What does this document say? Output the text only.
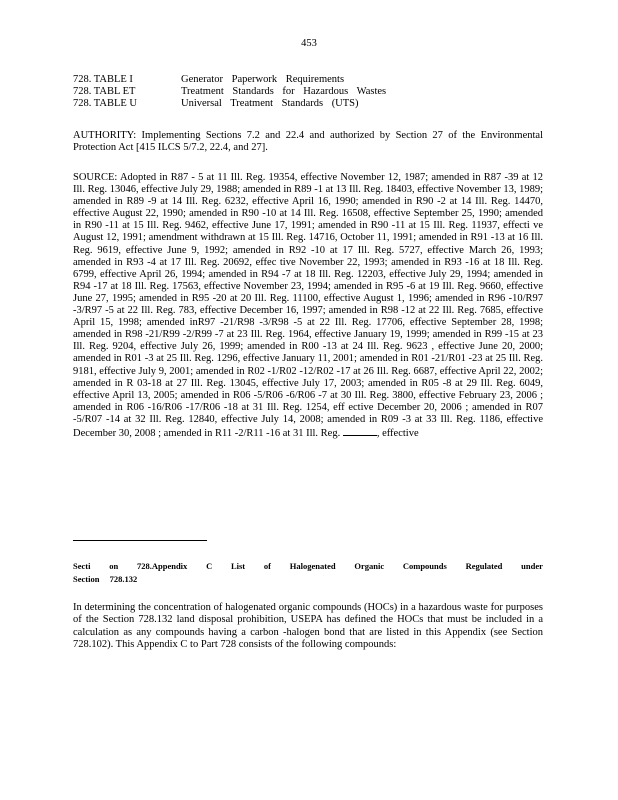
453
728. TABLE I	Generator Paperwork Requirements
728. TABL ET	Treatment Standards for Hazardous Wastes
728. TABLE U	Universal Treatment Standards (UTS)

AUTHORITY: Implementing Sections 7.2 and 22.4 and authorized by Section 27 of the Environmental Protection Act [415 ILCS 5/7.2, 22.4, and 27].

SOURCE: Adopted in R87 - 5 at 11 Ill. Reg. 19354, effective November 12, 1987; amended in R87 -39 at 12 Ill. Reg. 13046, effective July 29, 1988; amended in R89 -1 at 13 Ill. Reg. 18403, effective November 13, 1989; amended in R89 -9 at 14 Ill. Reg. 6232, effective April 16, 1990; amended in R90 -2 at 14 Ill. Reg. 14470, effective August 22, 1990; amended in R90 -10 at 14 Ill. Reg. 16508, effective September 25, 1990; amended in R90 -11 at 15 Ill. Reg. 9462, effective June 17, 1991; amended in R90 -11 at 15 Ill. Reg. 11937, effecti ve August 12, 1991; amendment withdrawn at 15 Ill. Reg. 14716, October 11, 1991; amended in R91 -13 at 16 Ill. Reg. 9619, effective June 9, 1992; amended in R92 -10 at 17 Ill. Reg. 5727, effective March 26, 1993; amended in R93 -4 at 17 Ill. Reg. 20692, effec tive November 22, 1993; amended in R93 -16 at 18 Ill. Reg. 6799, effective April 26, 1994; amended in R94 -7 at 18 Ill. Reg. 12203, effective July 29, 1994; amended in R94 -17 at 18 Ill. Reg. 17563, effective November 23, 1994; amended in R95 -6 at 19 Ill. Reg. 9660, effective June 27, 1995; amended in R95 -20 at 20 Ill. Reg. 11100, effective August 1, 1996; amended in R96 -10/R97 -3/R97 -5 at 22 Ill. Reg. 783, effective December 16, 1997; amended in R98 -12 at 22 Ill. Reg. 7685, effective April 15, 1998; amended inR97 -21/R98 -3/R98 -5 at 22 Ill. Reg. 17706, effective September 28, 1998; amended in R98 -21/R99 -2/R99 -7 at 23 Ill. Reg. 1964, effective January 19, 1999; amended in R99 -15 at 23 Ill. Reg. 9204, effective July 26, 1999; amended in R00 -13 at 24 Ill. Reg. 9623 , effective June 20, 2000; amended in R01 -3 at 25 Ill. Reg. 1296, effective January 11, 2001; amended in R01 -21/R01 -23 at 25 Ill. Reg. 9181, effective July 9, 2001; amended in R02 -1/R02 -12/R02 -17 at 26 Ill. Reg. 6687, effective April 22, 2002; amended in R 03-18 at 27 Ill. Reg. 13045, effective July 17, 2003; amended in R05 -8 at 29 Ill. Reg. 6049, effective April 13, 2005; amended in R06 -5/R06 -6/R06 -7 at 30 Ill. Reg. 3800, effective February 23, 2006 ; amended in R06 -16/R06 -17/R06 -18 at 31 Ill. Reg. 1254, eff ective December 20, 2006 ; amended in R07 -5/R07 -14 at 32 Ill. Reg. 12840, effective July 14, 2008; amended in R09 -3 at 33 Ill. Reg. 1186, effective December 30, 2008 ; amended in R11 -2/R11 -16 at 31 Ill. Reg.	, effective

Secti on 728.Appendix C List of Halogenated Organic Compounds Regulated under
Section 728.132

In determining the concentration of halogenated organic compounds (HOCs) in a hazardous waste for purposes of the Section 728.132 land disposal prohibition, USEPA has defined the HOCs that must be included in a calculation as any compounds having a carbon -halogen bond that are listed in this Appendix (see Section 728.102). This Appendix C to Part 728 consists of the following compounds:
